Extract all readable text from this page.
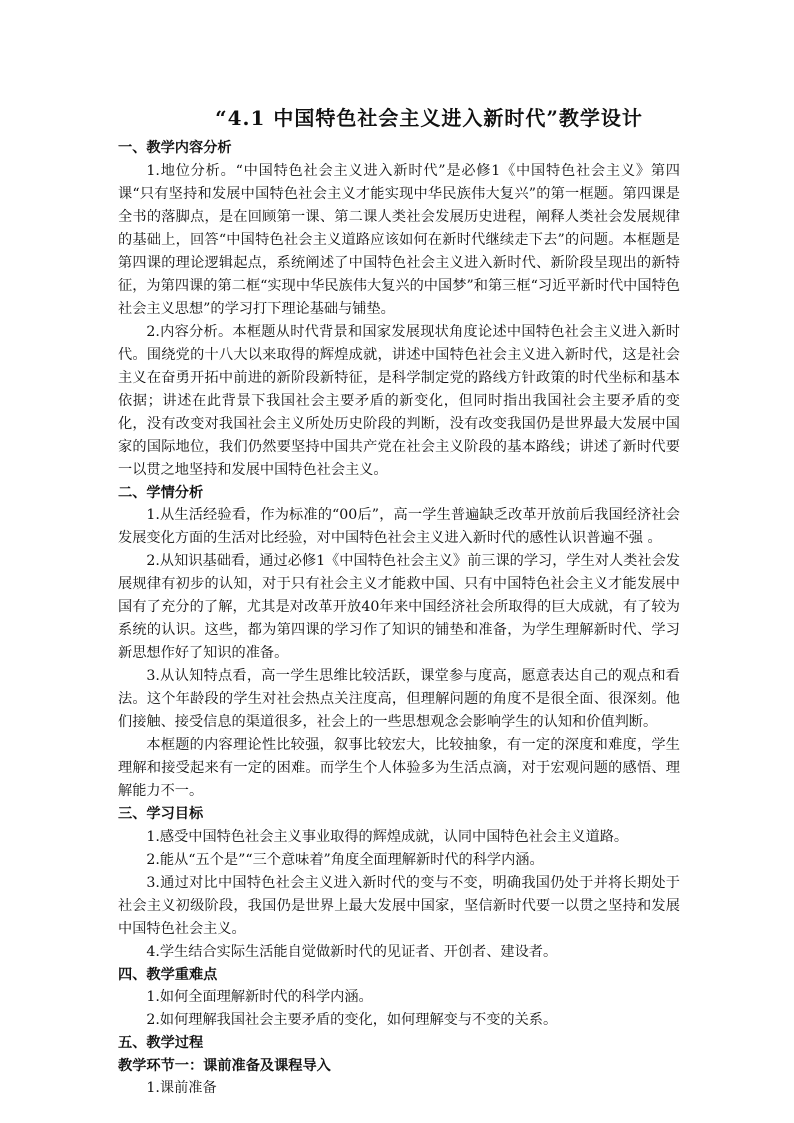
“4.1 中国特色社会主义进入新时代”教学设计
一、教学内容分析

1.地位分析。“中国特色社会主义进入新时代”是必修1《中国特色社会主义》第四课“只有坚持和发展中国特色社会主义才能实现中华民族伟大复兴”的第一框题。第四课是全书的落脚点，是在回顾第一课、第二课人类社会发展历史进程，阐释人类社会发展规律的基础上，回答“中国特色社会主义道路应该如何在新时代继续走下去”的问题。本框题是第四课的理论逻辑起点，系统阐述了中国特色社会主义进入新时代、新阶段呈现出的新特征，为第四课的第二框“实现中华民族伟大复兴的中国梦”和第三框“习近平新时代中国特色社会主义思想”的学习打下理论基础与铺垫。

2.内容分析。本框题从时代背景和国家发展现状角度论述中国特色社会主义进入新时代。围绕党的十八大以来取得的辉煌成就，讲述中国特色社会主义进入新时代，这是社会主义在奋勇开拓中前进的新阶段新特征，是科学制定党的路线方针政策的时代坐标和基本依据；讲述在此背景下我国社会主要矛盾的新变化，但同时指出我国社会主要矛盾的变化，没有改变对我国社会主义所处历史阶段的判断，没有改变我国仍是世界最大发展中国家的国际地位，我们仍然要坚持中国共产党在社会主义阶段的基本路线；讲述了新时代要一以贯之地坚持和发展中国特色社会主义。

二、学情分析

1.从生活经验看，作为标准的“00后”，高一学生普遍缺乏改革开放前后我国经济社会发展变化方面的生活对比经验，对中国特色社会主义进入新时代的感性认识普遍不强 。

2.从知识基础看，通过必修1《中国特色社会主义》前三课的学习，学生对人类社会发展规律有初步的认知，对于只有社会主义才能救中国、只有中国特色社会主义才能发展中国有了充分的了解，尤其是对改革开放40年来中国经济社会所取得的巨大成就，有了较为系统的认识。这些，都为第四课的学习作了知识的铺垫和准备，为学生理解新时代、学习新思想作好了知识的准备。

3.从认知特点看，高一学生思维比较活跃，课堂参与度高，愿意表达自己的观点和看法。这个年龄段的学生对社会热点关注度高，但理解问题的角度不是很全面、很深刻。他们接触、接受信息的渠道很多，社会上的一些思想观念会影响学生的认知和价值判断。

本框题的内容理论性比较强，叙事比较宏大，比较抽象，有一定的深度和难度，学生理解和接受起来有一定的困难。而学生个人体验多为生活点滴，对于宏观问题的感悟、理解能力不一。

三、学习目标

1.感受中国特色社会主义事业取得的辉煌成就，认同中国特色社会主义道路。

2.能从“五个是”“三个意味着”角度全面理解新时代的科学内涵。

3.通过对比中国特色社会主义进入新时代的变与不变，明确我国仍处于并将长期处于社会主义初级阶段，我国仍是世界上最大发展中国家，坚信新时代要一以贯之坚持和发展中国特色社会主义。

4.学生结合实际生活能自觉做新时代的见证者、开创者、建设者。

四、教学重难点

1.如何全面理解新时代的科学内涵。

2.如何理解我国社会主要矛盾的变化，如何理解变与不变的关系。

五、教学过程
教学环节一：课前准备及课程导入

1.课前准备
